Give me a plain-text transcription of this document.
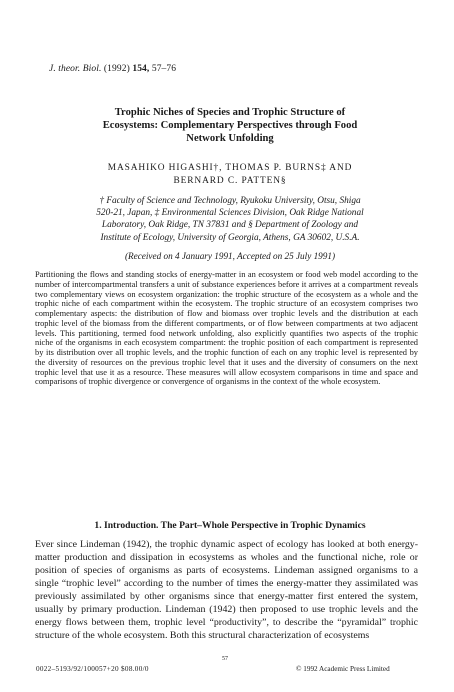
J. theor. Biol. (1992) 154, 57–76
Trophic Niches of Species and Trophic Structure of
Ecosystems: Complementary Perspectives through Food
Network Unfolding
MASAHIKO HIGASHI†, THOMAS P. BURNS‡ AND
BERNARD C. PATTEN§
† Faculty of Science and Technology, Ryukoku University, Otsu, Shiga
520-21, Japan, ‡ Environmental Sciences Division, Oak Ridge National
Laboratory, Oak Ridge, TN 37831 and § Department of Zoology and
Institute of Ecology, University of Georgia, Athens, GA 30602, U.S.A.
(Received on 4 January 1991, Accepted on 25 July 1991)
Partitioning the flows and standing stocks of energy-matter in an ecosystem or food web model according to the number of intercompartmental transfers a unit of substance experiences before it arrives at a compartment reveals two complementary views on ecosystem organization: the trophic structure of the ecosystem as a whole and the trophic niche of each compartment within the ecosystem. The trophic structure of an ecosystem comprises two complementary aspects: the distribution of flow and biomass over trophic levels and the distribution at each trophic level of the biomass from the different compartments, or of flow between compartments at two adjacent levels. This partitioning, termed food network unfolding, also explicitly quantifies two aspects of the trophic niche of the organisms in each ecosystem compartment: the trophic position of each compartment is represented by its distribution over all trophic levels, and the trophic function of each on any trophic level is represented by the diversity of resources on the previous trophic level that it uses and the diversity of consumers on the next trophic level that use it as a resource. These measures will allow ecosystem comparisons in time and space and comparisons of trophic divergence or convergence of organisms in the context of the whole ecosystem.
1. Introduction. The Part–Whole Perspective in Trophic Dynamics
Ever since Lindeman (1942), the trophic dynamic aspect of ecology has looked at both energy-matter production and dissipation in ecosystems as wholes and the functional niche, role or position of species of organisms as parts of ecosystems. Lindeman assigned organisms to a single “trophic level” according to the number of times the energy-matter they assimilated was previously assimilated by other organisms since that energy-matter first entered the system, usually by primary production. Lindeman (1942) then proposed to use trophic levels and the energy flows between them, trophic level “productivity”, to describe the “pyramidal” trophic structure of the whole ecosystem. Both this structural characterization of ecosystems
57
0022–5193/92/100057+20 $08.00/0	© 1992 Academic Press Limited
